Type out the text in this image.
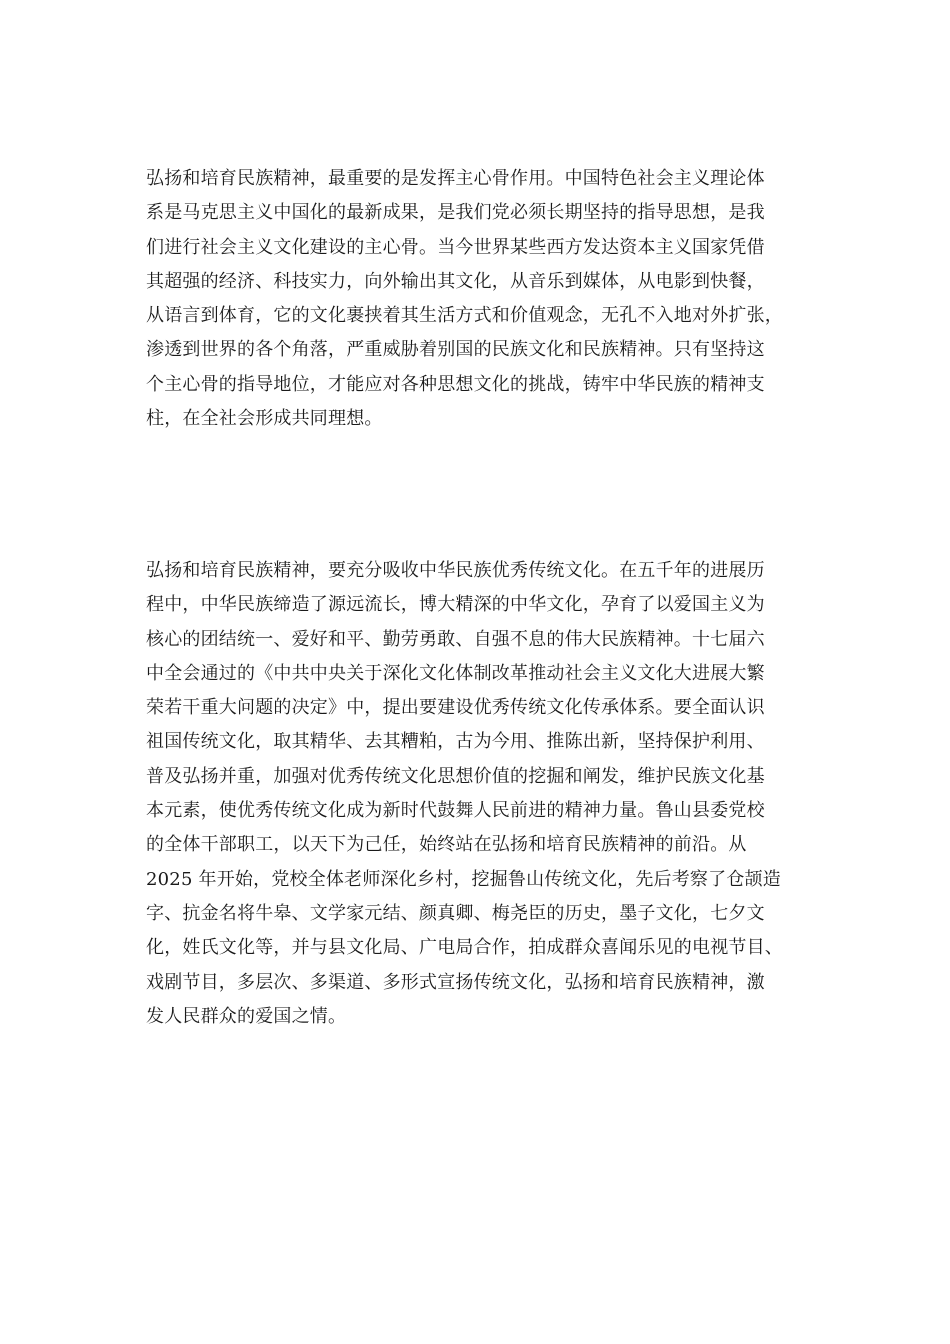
弘扬和培育民族精神，最重要的是发挥主心骨作用。中国特色社会主义理论体
系是马克思主义中国化的最新成果，是我们党必须长期坚持的指导思想，是我
们进行社会主义文化建设的主心骨。当今世界某些西方发达资本主义国家凭借
其超强的经济、科技实力，向外输出其文化，从音乐到媒体，从电影到快餐，
从语言到体育，它的文化裹挟着其生活方式和价值观念，无孔不入地对外扩张，
渗透到世界的各个角落，严重威胁着别国的民族文化和民族精神。只有坚持这
个主心骨的指导地位，才能应对各种思想文化的挑战，铸牢中华民族的精神支
柱，在全社会形成共同理想。
弘扬和培育民族精神，要充分吸收中华民族优秀传统文化。在五千年的进展历
程中，中华民族缔造了源远流长，博大精深的中华文化，孕育了以爱国主义为
核心的团结统一、爱好和平、勤劳勇敢、自强不息的伟大民族精神。十七届六
中全会通过的《中共中央关于深化文化体制改革推动社会主义文化大进展大繁
荣若干重大问题的决定》中，提出要建设优秀传统文化传承体系。要全面认识
祖国传统文化，取其精华、去其糟粕，古为今用、推陈出新，坚持保护利用、
普及弘扬并重，加强对优秀传统文化思想价值的挖掘和阐发，维护民族文化基
本元素，使优秀传统文化成为新时代鼓舞人民前进的精神力量。鲁山县委党校
的全体干部职工，以天下为己任，始终站在弘扬和培育民族精神的前沿。从
2025 年开始，党校全体老师深化乡村，挖掘鲁山传统文化，先后考察了仓颉造
字、抗金名将牛皋、文学家元结、颜真卿、梅尧臣的历史，墨子文化，七夕文
化，姓氏文化等，并与县文化局、广电局合作，拍成群众喜闻乐见的电视节目、
戏剧节目，多层次、多渠道、多形式宣扬传统文化，弘扬和培育民族精神，激
发人民群众的爱国之情。
